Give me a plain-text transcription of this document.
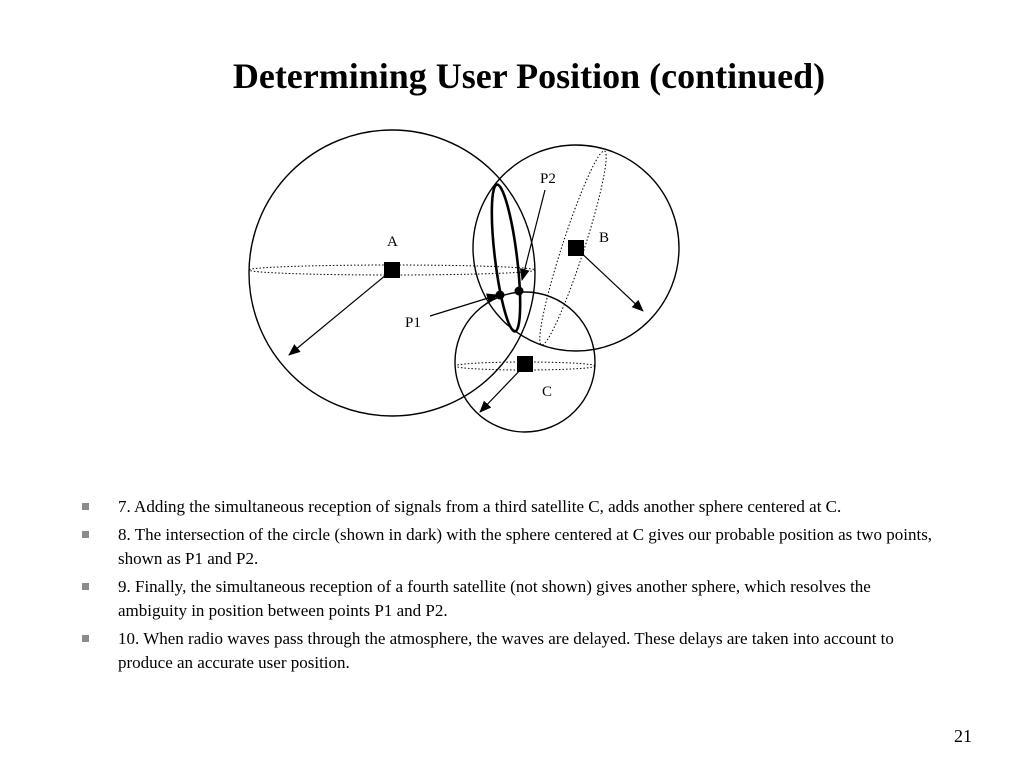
Determining User Position (continued)
A	B
C
P1
P2
7. Adding the simultaneous reception of signals from a third satellite C, adds another sphere centered at C.
8. The intersection of the circle (shown in dark) with the sphere centered at C gives our probable position as two points, shown as P1 and P2.
9. Finally, the simultaneous reception of a fourth satellite (not shown) gives another sphere, which resolves the ambiguity in position between points P1 and P2.
10. When radio waves pass through the atmosphere, the waves are delayed. These delays are taken into account to produce an accurate user position.
21
